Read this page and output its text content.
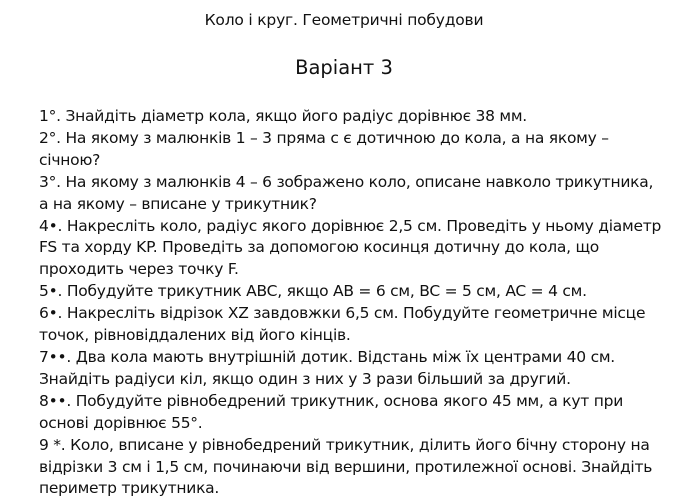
Коло і круг. Геометричні побудови
Варіант 3
1°. Знайдіть діаметр кола, якщо його радіус дорівнює 38 мм.
2°. На якому з малюнків 1 – 3 пряма с є дотичною до кола, а на якому –
січною?
3°. На якому з малюнків 4 – 6 зображено коло, описане навколо трикутника,
а на якому – вписане у трикутник?
4•. Накресліть коло, радіус якого дорівнює 2,5 см. Проведіть у ньому діаметр
FS та хорду KP. Проведіть за допомогою косинця дотичну до кола, що
проходить через точку F.
5•. Побудуйте трикутник ABC, якщо AB = 6 см, BC = 5 см, AC = 4 см.
6•. Накресліть відрізок XZ завдовжки 6,5 см. Побудуйте геометричне місце
точок, рівновіддалених від його кінців.
7••. Два кола мають внутрішній дотик. Відстань між їх центрами 40 см.
Знайдіть радіуси кіл, якщо один з них у 3 рази більший за другий.
8••. Побудуйте рівнобедрений трикутник, основа якого 45 мм, а кут при
основі дорівнює 55°.
9 *. Коло, вписане у рівнобедрений трикутник, ділить його бічну сторону на
відрізки 3 см і 1,5 см, починаючи від вершини, протилежної основі. Знайдіть
периметр трикутника.
